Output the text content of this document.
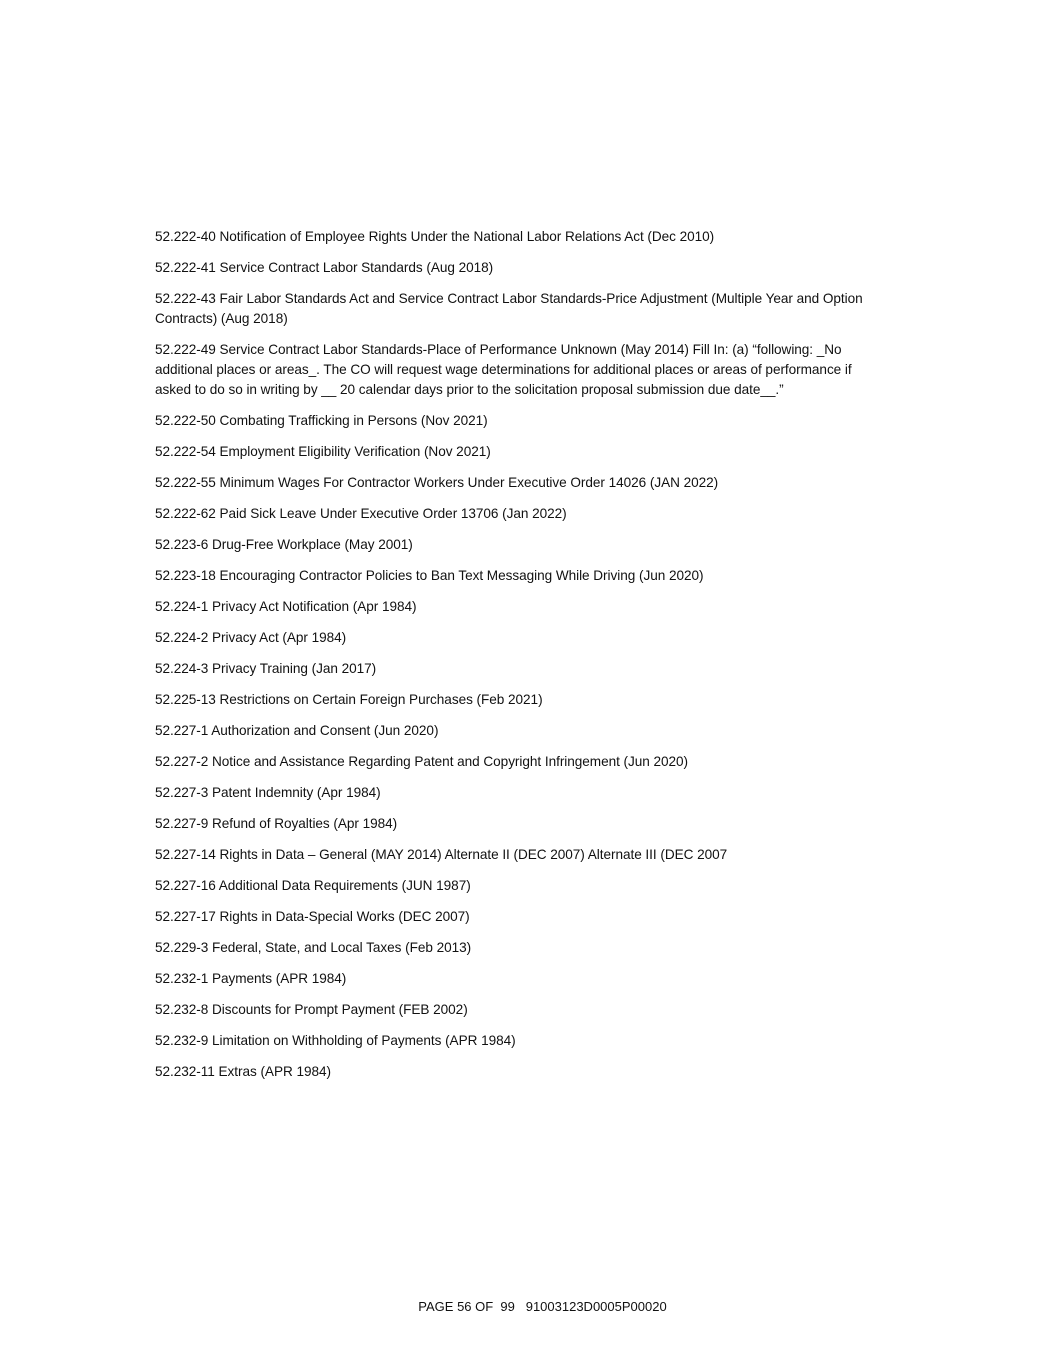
52.222-40 Notification of Employee Rights Under the National Labor Relations Act (Dec 2010)
52.222-41 Service Contract Labor Standards (Aug 2018)
52.222-43 Fair Labor Standards Act and Service Contract Labor Standards-Price Adjustment (Multiple Year and Option Contracts) (Aug 2018)
52.222-49 Service Contract Labor Standards-Place of Performance Unknown (May 2014) Fill In: (a) “following: _No additional places or areas_. The CO will request wage determinations for additional places or areas of performance if asked to do so in writing by __ 20 calendar days prior to the solicitation proposal submission due date__.”
52.222-50 Combating Trafficking in Persons (Nov 2021)
52.222-54 Employment Eligibility Verification (Nov 2021)
52.222-55 Minimum Wages For Contractor Workers Under Executive Order 14026 (JAN 2022)
52.222-62 Paid Sick Leave Under Executive Order 13706 (Jan 2022)
52.223-6 Drug-Free Workplace (May 2001)
52.223-18 Encouraging Contractor Policies to Ban Text Messaging While Driving (Jun 2020)
52.224-1 Privacy Act Notification (Apr 1984)
52.224-2 Privacy Act (Apr 1984)
52.224-3 Privacy Training (Jan 2017)
52.225-13 Restrictions on Certain Foreign Purchases (Feb 2021)
52.227-1 Authorization and Consent (Jun 2020)
52.227-2 Notice and Assistance Regarding Patent and Copyright Infringement (Jun 2020)
52.227-3 Patent Indemnity (Apr 1984)
52.227-9 Refund of Royalties (Apr 1984)
52.227-14 Rights in Data – General (MAY 2014) Alternate II (DEC 2007) Alternate III (DEC 2007
52.227-16 Additional Data Requirements (JUN 1987)
52.227-17 Rights in Data-Special Works (DEC 2007)
52.229-3 Federal, State, and Local Taxes (Feb 2013)
52.232-1 Payments (APR 1984)
52.232-8 Discounts for Prompt Payment (FEB 2002)
52.232-9 Limitation on Withholding of Payments (APR 1984)
52.232-11 Extras (APR 1984)
PAGE 56 OF  99   91003123D0005P00020
